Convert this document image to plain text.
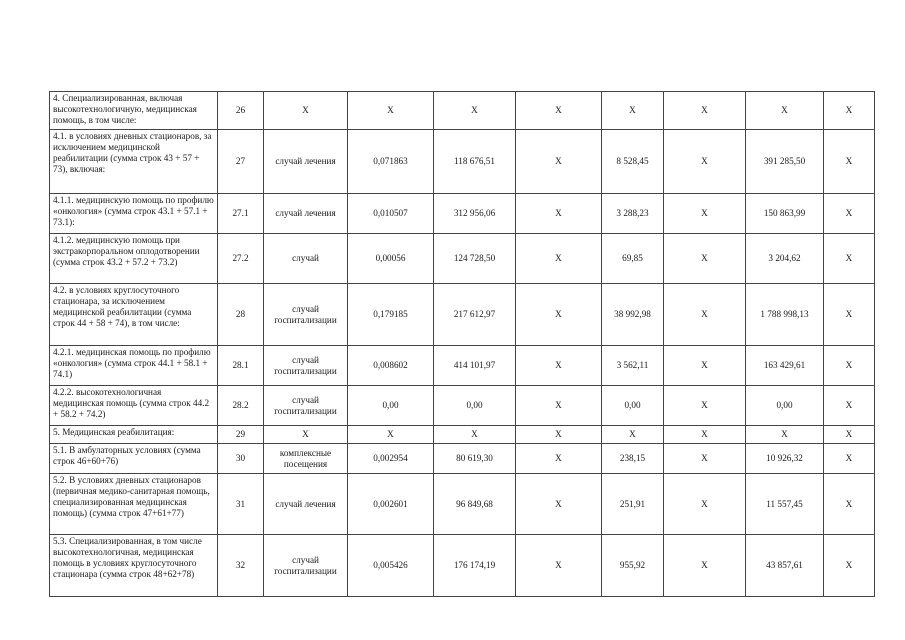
4. Специализированная, включая высокотехнологичную, медицинская помощь, в том числе:	26	Х	Х	Х	Х	Х	Х	Х	Х
4.1. в условиях дневных стационаров, за исключением медицинской реабилитации (сумма строк 43 + 57 + 73), включая:	27	случай лечения	0,071863	118 676,51	Х	8 528,45	Х	391 285,50	Х
4.1.1. медицинскую помощь по профилю «онкология» (сумма строк 43.1 + 57.1 + 73.1):	27.1	случай лечения	0,010507	312 956,06	Х	3 288,23	Х	150 863,99	Х
4.1.2. медицинскую помощь при экстракорпоральном оплодотворении (сумма строк 43.2 + 57.2 + 73.2)	27.2	случай	0,00056	124 728,50	Х	69,85	Х	3 204,62	Х
4.2. в условиях круглосуточного стационара, за исключением медицинской реабилитации (сумма строк 44 + 58 + 74), в том числе:	28	случай госпитализации	0,179185	217 612,97	Х	38 992,98	Х	1 788 998,13	Х
4.2.1. медицинская помощь по профилю «онкология» (сумма строк 44.1 + 58.1 + 74.1)	28.1	случай госпитализации	0,008602	414 101,97	Х	3 562,11	Х	163 429,61	Х
4.2.2. высокотехнологичная медицинская помощь (сумма строк 44.2 + 58.2 + 74.2)	28.2	случай госпитализации	0,00	0,00	Х	0,00	Х	0,00	Х
5. Медицинская реабилитация:	29	Х	Х	Х	Х	Х	Х	Х	Х
5.1. В амбулаторных условиях (сумма строк 46+60+76)	30	комплексные посещения	0,002954	80 619,30	Х	238,15	Х	10 926,32	Х
5.2. В условиях дневных стационаров (первичная медико-санитарная помощь, специализированная медицинская помощь) (сумма строк 47+61+77)	31	случай лечения	0,002601	96 849,68	Х	251,91	Х	11 557,45	Х
5.3. Специализированная, в том числе высокотехнологичная, медицинская помощь в условиях круглосуточного стационара (сумма строк 48+62+78)	32	случай госпитализации	0,005426	176 174,19	Х	955,92	Х	43 857,61	Х
